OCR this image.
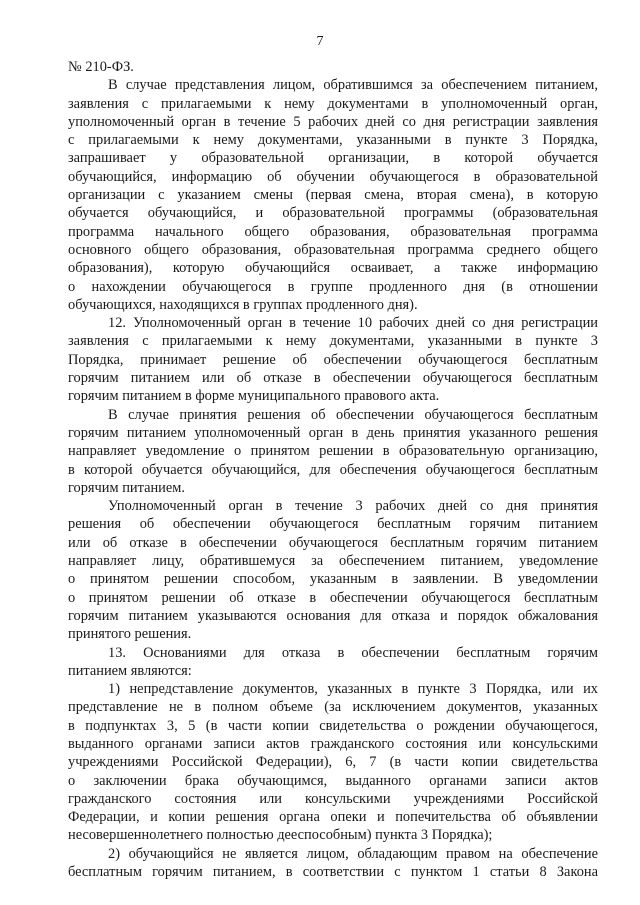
7
№ 210-ФЗ.
В случае представления лицом, обратившимся за обеспечением питанием,
заявления с прилагаемыми к нему документами в уполномоченный орган,
уполномоченный орган в течение 5 рабочих дней со дня регистрации заявления
с прилагаемыми к нему документами, указанными в пункте 3 Порядка,
запрашивает у образовательной организации, в которой обучается
обучающийся, информацию об обучении обучающегося в образовательной
организации с указанием смены (первая смена, вторая смена), в которую
обучается обучающийся, и образовательной программы (образовательная
программа начального общего образования, образовательная программа
основного общего образования, образовательная программа среднего общего
образования), которую обучающийся осваивает, а также информацию
о нахождении обучающегося в группе продленного дня (в отношении
обучающихся, находящихся в группах продленного дня).
12. Уполномоченный орган в течение 10 рабочих дней со дня регистрации
заявления с прилагаемыми к нему документами, указанными в пункте 3
Порядка, принимает решение об обеспечении обучающегося бесплатным
горячим питанием или об отказе в обеспечении обучающегося бесплатным
горячим питанием в форме муниципального правового акта.
В случае принятия решения об обеспечении обучающегося бесплатным
горячим питанием уполномоченный орган в день принятия указанного решения
направляет уведомление о принятом решении в образовательную организацию,
в которой обучается обучающийся, для обеспечения обучающегося бесплатным
горячим питанием.
Уполномоченный орган в течение 3 рабочих дней со дня принятия
решения об обеспечении обучающегося бесплатным горячим питанием
или об отказе в обеспечении обучающегося бесплатным горячим питанием
направляет лицу, обратившемуся за обеспечением питанием, уведомление
о принятом решении способом, указанным в заявлении. В уведомлении
о принятом решении об отказе в обеспечении обучающегося бесплатным
горячим питанием указываются основания для отказа и порядок обжалования
принятого решения.
13. Основаниями для отказа в обеспечении бесплатным горячим
питанием являются:
1) непредставление документов, указанных в пункте 3 Порядка, или их
представление не в полном объеме (за исключением документов, указанных
в подпунктах 3, 5 (в части копии свидетельства о рождении обучающегося,
выданного органами записи актов гражданского состояния или консульскими
учреждениями Российской Федерации), 6, 7 (в части копии свидетельства
о заключении брака обучающимся, выданного органами записи актов
гражданского состояния или консульскими учреждениями Российской
Федерации, и копии решения органа опеки и попечительства об объявлении
несовершеннолетнего полностью дееспособным) пункта 3 Порядка);
2) обучающийся не является лицом, обладающим правом на обеспечение
бесплатным горячим питанием, в соответствии с пунктом 1 статьи 8 Закона
